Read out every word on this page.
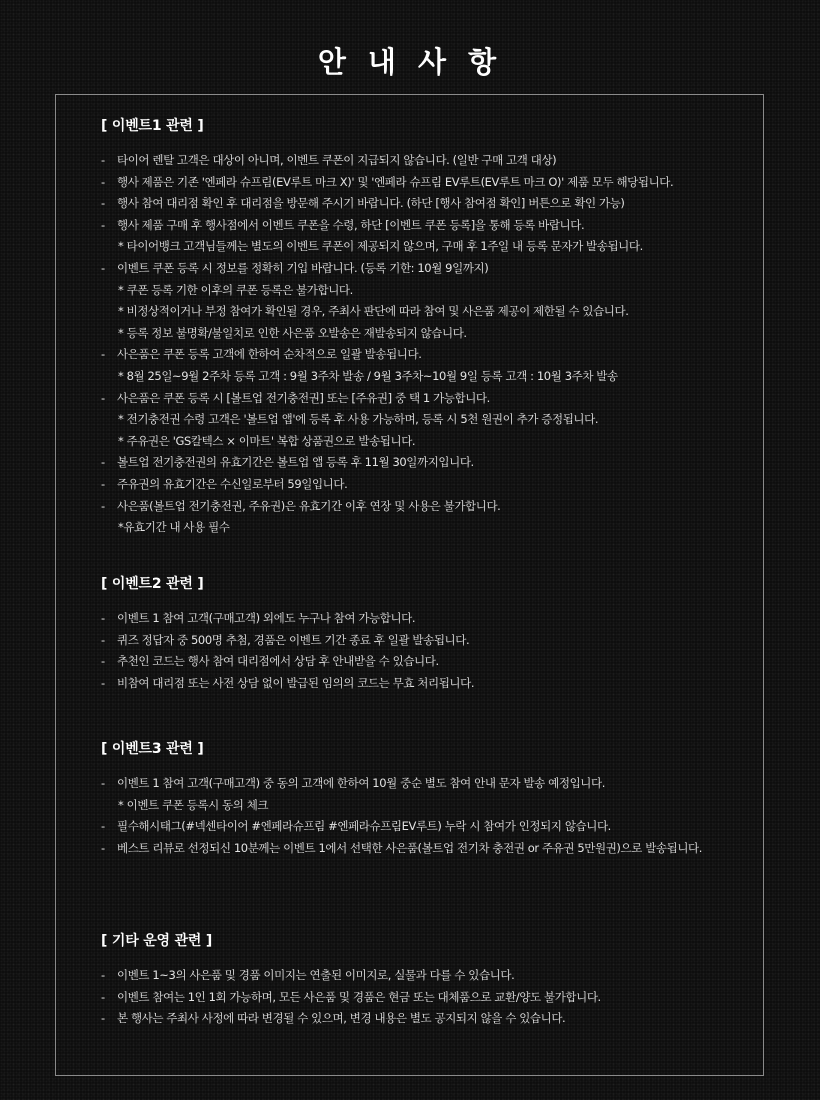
안 내 사 항
[ 이벤트1 관련 ]
- 타이어 렌탈 고객은 대상이 아니며, 이벤트 쿠폰이 지급되지 않습니다. (일반 구매 고객 대상)
- 행사 제품은 기존 '엔페라 슈프림(EV루트 마크 X)' 및 '엔페라 슈프림 EV루트(EV루트 마크 O)' 제품 모두 해당됩니다.
- 행사 참여 대리점 확인 후 대리점을 방문해 주시기 바랍니다. (하단 [행사 참여점 확인] 버튼으로 확인 가능)
- 행사 제품 구매 후 행사점에서 이벤트 쿠폰을 수령, 하단 [이벤트 쿠폰 등록]을 통해 등록 바랍니다.
* 타이어뱅크 고객님들께는 별도의 이벤트 쿠폰이 제공되지 않으며, 구매 후 1주일 내 등록 문자가 발송됩니다.
- 이벤트 쿠폰 등록 시 정보를 정확히 기입 바랍니다. (등록 기한: 10월 9일까지)
* 쿠폰 등록 기한 이후의 쿠폰 등록은 불가합니다.
* 비정상적이거나 부정 참여가 확인될 경우, 주최사 판단에 따라 참여 및 사은품 제공이 제한될 수 있습니다.
* 등록 정보 불명확/불일치로 인한 사은품 오발송은 재발송되지 않습니다.
- 사은품은 쿠폰 등록 고객에 한하여 순차적으로 일괄 발송됩니다.
* 8월 25일~9월 2주차 등록 고객 : 9월 3주차 발송 / 9월 3주차~10월 9일 등록 고객 : 10월 3주차 발송
- 사은품은 쿠폰 등록 시 [볼트업 전기충전권] 또는 [주유권] 중 택 1 가능합니다.
* 전기충전권 수령 고객은 '볼트업 앱'에 등록 후 사용 가능하며, 등록 시 5천 원권이 추가 증정됩니다.
* 주유권은 'GS칼텍스 × 이마트' 복합 상품권으로 발송됩니다.
- 볼트업 전기충전권의 유효기간은 볼트업 앱 등록 후 11월 30일까지입니다.
- 주유권의 유효기간은 수신일로부터 59일입니다.
- 사은품(볼트업 전기충전권, 주유권)은 유효기간 이후 연장 및 사용은 불가합니다.
*유효기간 내 사용 필수
[ 이벤트2 관련 ]
- 이벤트 1 참여 고객(구매고객) 외에도 누구나 참여 가능합니다.
- 퀴즈 정답자 중 500명 추첨, 경품은 이벤트 기간 종료 후 일괄 발송됩니다.
- 추천인 코드는 행사 참여 대리점에서 상담 후 안내받을 수 있습니다.
- 비참여 대리점 또는 사전 상담 없이 발급된 임의의 코드는 무효 처리됩니다.
[ 이벤트3 관련 ]
- 이벤트 1 참여 고객(구매고객) 중 동의 고객에 한하여 10월 중순 별도 참여 안내 문자 발송 예정입니다.
* 이벤트 쿠폰 등록시 동의 체크
- 필수해시태그(#넥센타이어 #엔페라슈프림 #엔페라슈프림EV루트) 누락 시 참여가 인정되지 않습니다.
- 베스트 리뷰로 선정되신 10분께는 이벤트 1에서 선택한 사은품(볼트업 전기차 충전권 or 주유권 5만원권)으로 발송됩니다.
[ 기타 운영 관련 ]
- 이벤트 1~3의 사은품 및 경품 이미지는 연출된 이미지로, 실물과 다를 수 있습니다.
- 이벤트 참여는 1인 1회 가능하며, 모든 사은품 및 경품은 현금 또는 대체품으로 교환/양도 불가합니다.
- 본 행사는 주최사 사정에 따라 변경될 수 있으며, 변경 내용은 별도 공지되지 않을 수 있습니다.
